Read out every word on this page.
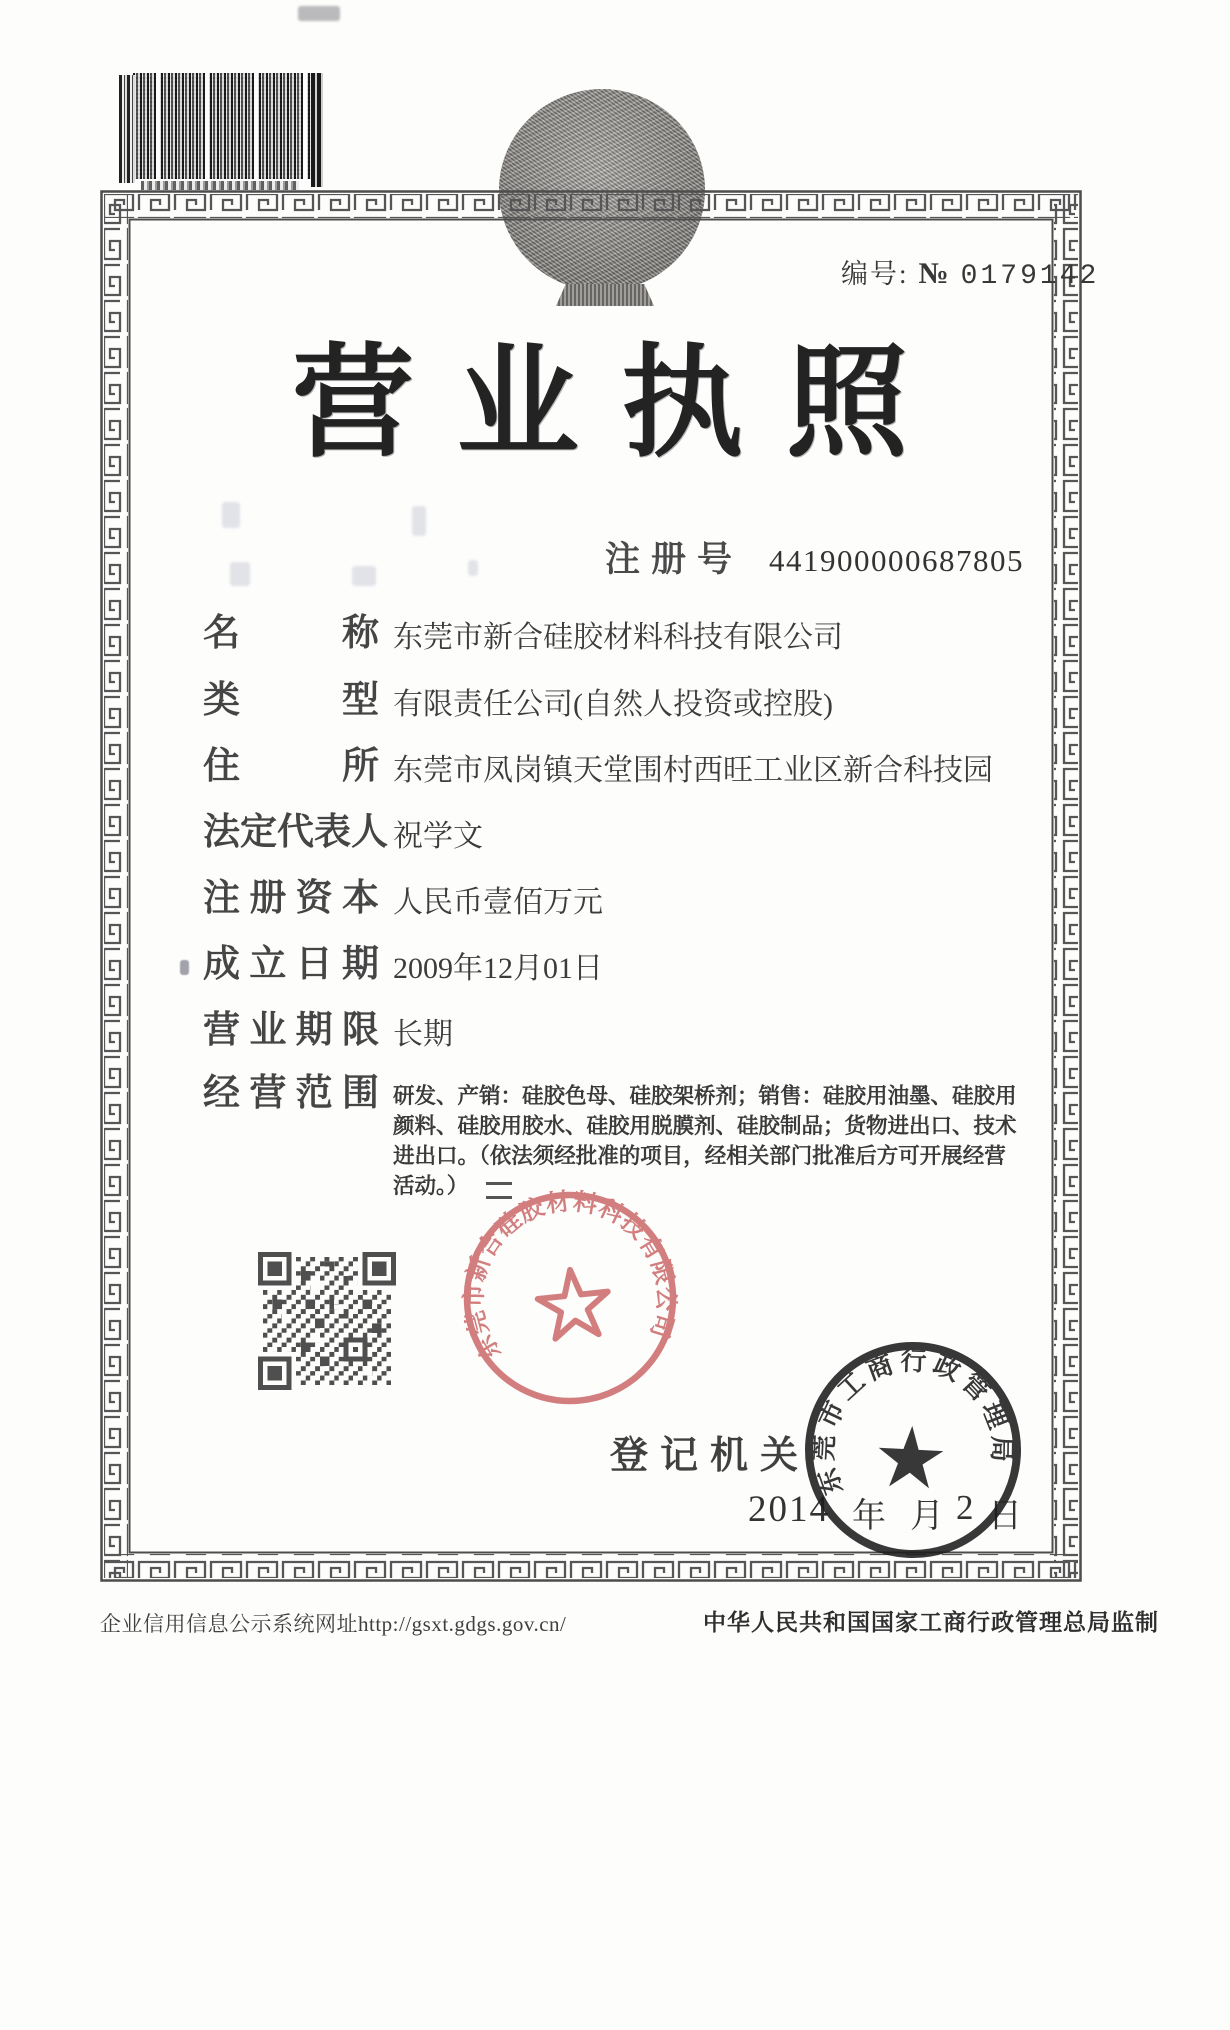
编号: № 0179142
营 业 执 照
注册号 441900000687805
名	称 东莞市新合硅胶材料科技有限公司
类	型 有限责任公司(自然人投资或控股)
住	所 东莞市凤岗镇天堂围村西旺工业区新合科技园
法 定 代 表 人 祝学文
注 册 资 本 人民币壹佰万元
成 立 日 期 2009年12月01日
营 业 期 限 长期
经 营 范 围 研发、产销：硅胶色母、硅胶架桥剂；销售：硅胶用油墨、硅胶用
颜料、硅胶用胶水、硅胶用脱膜剂、硅胶制品；货物进出口、技术
进出口。（依法须经批准的项目，经相关部门批准后方可开展经营
活动。）
东莞市新合硅胶材料科技有限公司
登 记 机 关
2014 年 月 2 日
东莞市工商行政管理局
企业信用信息公示系统网址http://gsxt.gdgs.gov.cn/	中华人民共和国国家工商行政管理总局监制
